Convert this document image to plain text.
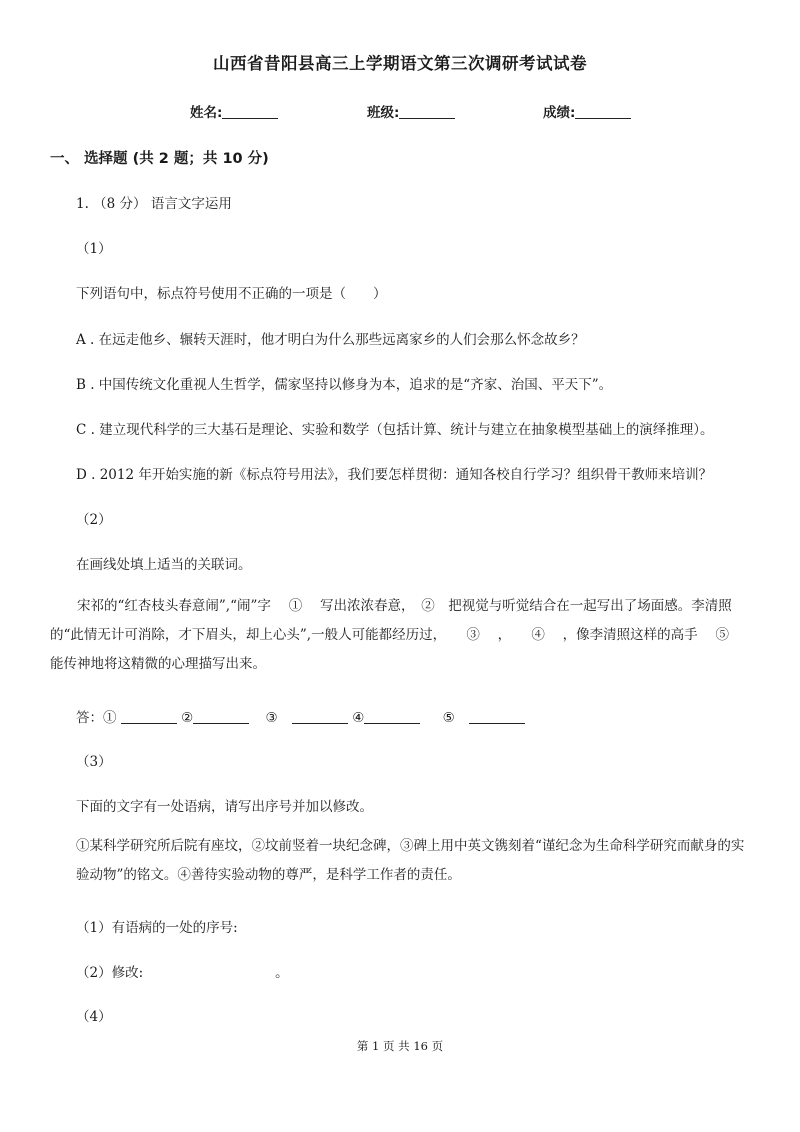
山西省昔阳县高三上学期语文第三次调研考试试卷
姓名:	班级:	成绩:
一、 选择题 (共 2 题；共 10 分)
1. （8 分） 语言文字运用
（1）
下列语句中，标点符号使用不正确的一项是（　　）
A . 在远走他乡、辗转天涯时，他才明白为什么那些远离家乡的人们会那么怀念故乡？
B . 中国传统文化重视人生哲学，儒家坚持以修身为本，追求的是“齐家、治国、平天下”。
C . 建立现代科学的三大基石是理论、实验和数学（包括计算、统计与建立在抽象模型基础上的演绎推理）。
D . 2012 年开始实施的新《标点符号用法》，我们要怎样贯彻：通知各校自行学习？组织骨干教师来培训？
（2）
在画线处填上适当的关联词。
宋祁的“红杏枝头春意闹”,“闹”字　 ①　 写出浓浓春意，　②　把视觉与听觉结合在一起写出了场面感。李清照的“此情无计可消除，才下眉头，却上心头”,一般人可能都经历过，　　③　 ，　　④　 ，像李清照这样的高手　 ⑤　 能传神地将这精微的心理描写出来。
答：①	②	③	④	⑤
（3）
下面的文字有一处语病，请写出序号并加以修改。
①某科学研究所后院有座坟，②坟前竖着一块纪念碑，③碑上用中英文镌刻着“谨纪念为生命科学研究而献身的实验动物”的铭文。④善待实验动物的尊严，是科学工作者的责任。
（1）有语病的一处的序号:
（2）修改:	。
（4）
第 1 页 共 16 页
